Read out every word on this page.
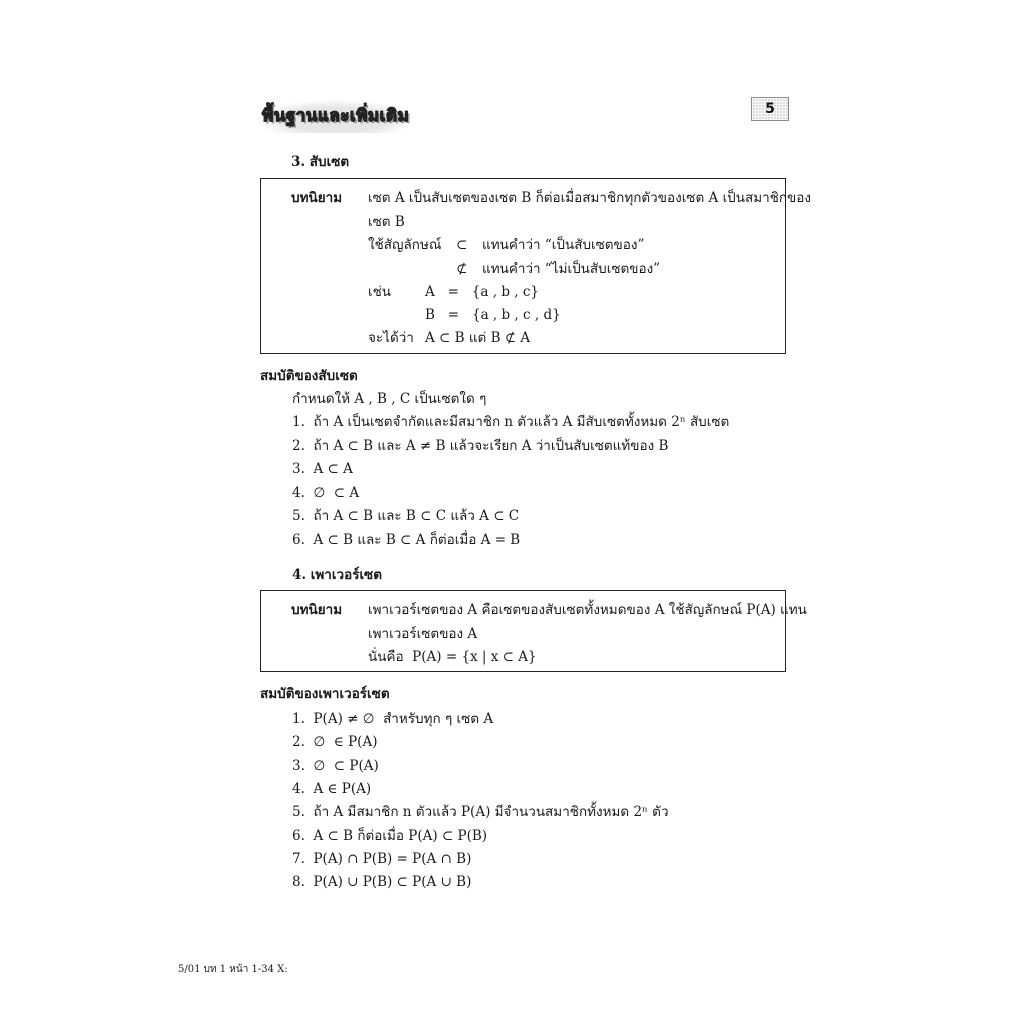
พื้นฐานและเพิ่มเติม	5
3. สับเซต
บทนิยาม เซต A เป็นสับเซตของเซต B ก็ต่อเมื่อสมาชิกทุกตัวของเซต A เป็นสมาชิกของ
เซต B
ใช้สัญลักษณ์ ⊂ แทนคำว่า “เป็นสับเซตของ”
⊄ แทนคำว่า “ไม่เป็นสับเซตของ”
เช่น	A   =   {a , b , c}
B   =   {a , b , c , d}
จะได้ว่า A ⊂ B แต่ B ⊄ A
สมบัติของสับเซต
กำหนดให้ A , B , C เป็นเซตใด ๆ
1.  ถ้า A เป็นเซตจำกัดและมีสมาชิก n ตัวแล้ว A มีสับเซตทั้งหมด 2ⁿ สับเซต
2.  ถ้า A ⊂ B และ A ≠ B แล้วจะเรียก A ว่าเป็นสับเซตแท้ของ B
3.  A ⊂ A
4.  ∅  ⊂ A
5.  ถ้า A ⊂ B และ B ⊂ C แล้ว A ⊂ C
6.  A ⊂ B และ B ⊂ A ก็ต่อเมื่อ A = B
4. เพาเวอร์เซต
บทนิยาม เพาเวอร์เซตของ A คือเซตของสับเซตทั้งหมดของ A ใช้สัญลักษณ์ P(A) แทน
เพาเวอร์เซตของ A
นั่นคือ  P(A) = {x | x ⊂ A}
สมบัติของเพาเวอร์เซต
1.  P(A) ≠ ∅  สำหรับทุก ๆ เซต A
2.  ∅  ∈ P(A)
3.  ∅  ⊂ P(A)
4.  A ∈ P(A)
5.  ถ้า A มีสมาชิก n ตัวแล้ว P(A) มีจำนวนสมาชิกทั้งหมด 2ⁿ ตัว
6.  A ⊂ B ก็ต่อเมื่อ P(A) ⊂ P(B)
7.  P(A) ∩ P(B) = P(A ∩ B)
8.  P(A) ∪ P(B) ⊂ P(A ∪ B)
5/01 บท 1 หน้า 1-34 X:
